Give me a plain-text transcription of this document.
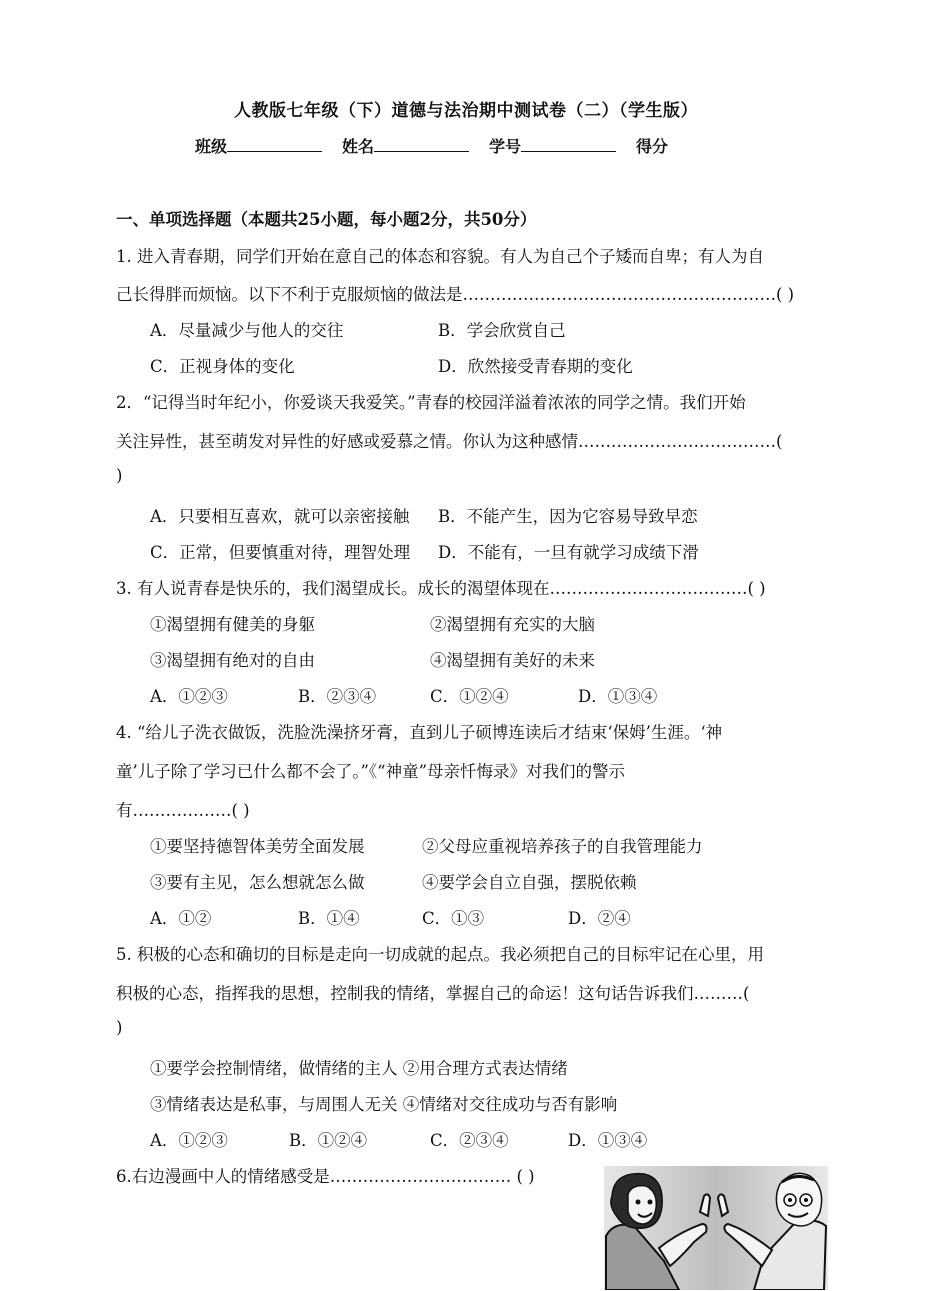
人教版七年级（下）道德与法治期中测试卷（二）（学生版）
班级	姓名	学号	得分
一、单项选择题（本题共25小题，每小题2分，共50分）
1. 进入青春期，同学们开始在意自己的体态和容貌。有人为自己个子矮而自卑；有人为自
己长得胖而烦恼。以下不利于克服烦恼的做法是…………………………………………………( )
A．尽量减少与他人的交往	B．学会欣赏自己
C．正视身体的变化	D．欣然接受青春期的变化
2．“记得当时年纪小，你爱谈天我爱笑。”青春的校园洋溢着浓浓的同学之情。我们开始
关注异性，甚至萌发对异性的好感或爱慕之情。你认为这种感情………………………………(
)
A．只要相互喜欢，就可以亲密接触 B．不能产生，因为它容易导致早恋
C．正常，但要慎重对待，理智处理 D．不能有，一旦有就学习成绩下滑
3. 有人说青春是快乐的，我们渴望成长。成长的渴望体现在………………………………( )
①渴望拥有健美的身躯	②渴望拥有充实的大脑
③渴望拥有绝对的自由	④渴望拥有美好的未来
A．①②③	B．②③④	C．①②④	D．①③④
4. “给儿子洗衣做饭，洗脸洗澡挤牙膏，直到儿子硕博连读后才结束‘保姆’生涯。‘神
童’儿子除了学习已什么都不会了。”《“神童”母亲忏悔录》对我们的警示
有………………( )
①要坚持德智体美劳全面发展	②父母应重视培养孩子的自我管理能力
③要有主见，怎么想就怎么做	④要学会自立自强，摆脱依赖
A．①②	B．①④	C．①③	D．②④
5. 积极的心态和确切的目标是走向一切成就的起点。我必须把自己的目标牢记在心里，用
积极的心态，指挥我的思想，控制我的情绪，掌握自己的命运！这句话告诉我们………(
)
①要学会控制情绪，做情绪的主人 ②用合理方式表达情绪
③情绪表达是私事，与周围人无关 ④情绪对交往成功与否有影响
A．①②③	B．①②④	C．②③④	D．①③④
6.右边漫画中人的情绪感受是…………………………… ( )
